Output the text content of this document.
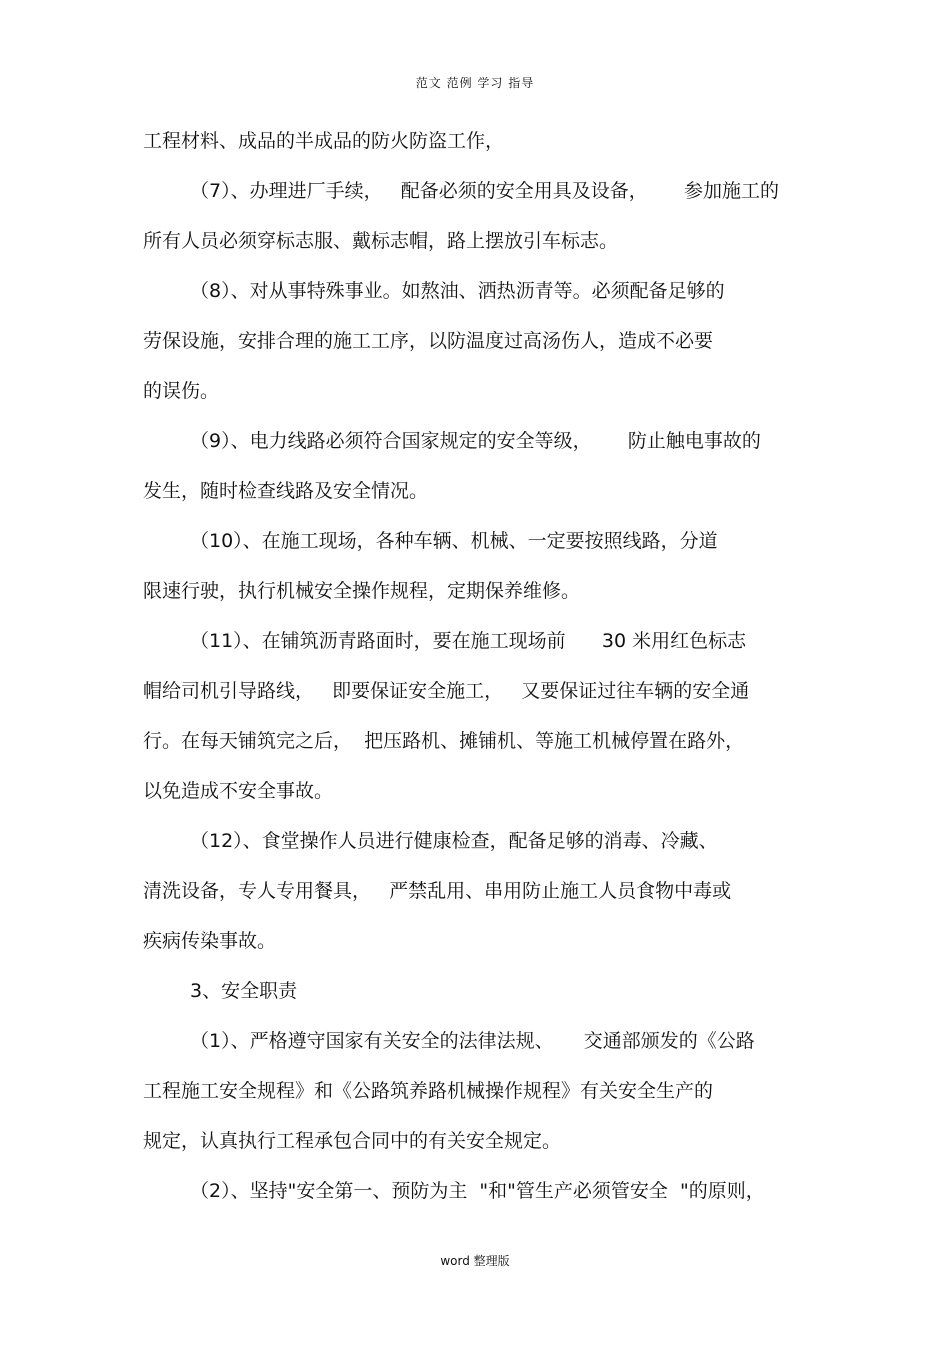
范文 范例 学习 指导
工程材料、成品的半成品的防火防盗工作，
（7）、办理进厂手续，   配备必须的安全用具及设备，      参加施工的
所有人员必须穿标志服、戴标志帽，路上摆放引车标志。
（8）、对从事特殊事业。如熬油、洒热沥青等。必须配备足够的
劳保设施，安排合理的施工工序，以防温度过高汤伤人，造成不必要
的误伤。
（9）、电力线路必须符合国家规定的安全等级，      防止触电事故的
发生，随时检查线路及安全情况。
（10）、在施工现场，各种车辆、机械、一定要按照线路，分道
限速行驶，执行机械安全操作规程，定期保养维修。
（11）、在铺筑沥青路面时，要在施工现场前      30 米用红色标志
帽给司机引导路线，   即要保证安全施工，   又要保证过往车辆的安全通
行。在每天铺筑完之后，  把压路机、摊铺机、等施工机械停置在路外，
以免造成不安全事故。
（12）、食堂操作人员进行健康检查，配备足够的消毒、冷藏、
清洗设备，专人专用餐具，   严禁乱用、串用防止施工人员食物中毒或
疾病传染事故。
3、安全职责
（1）、严格遵守国家有关安全的法律法规、     交通部颁发的《公路
工程施工安全规程》和《公路筑养路机械操作规程》有关安全生产的
规定，认真执行工程承包合同中的有关安全规定。
（2）、坚持"安全第一、预防为主  "和"管生产必须管安全  "的原则，
word 整理版
